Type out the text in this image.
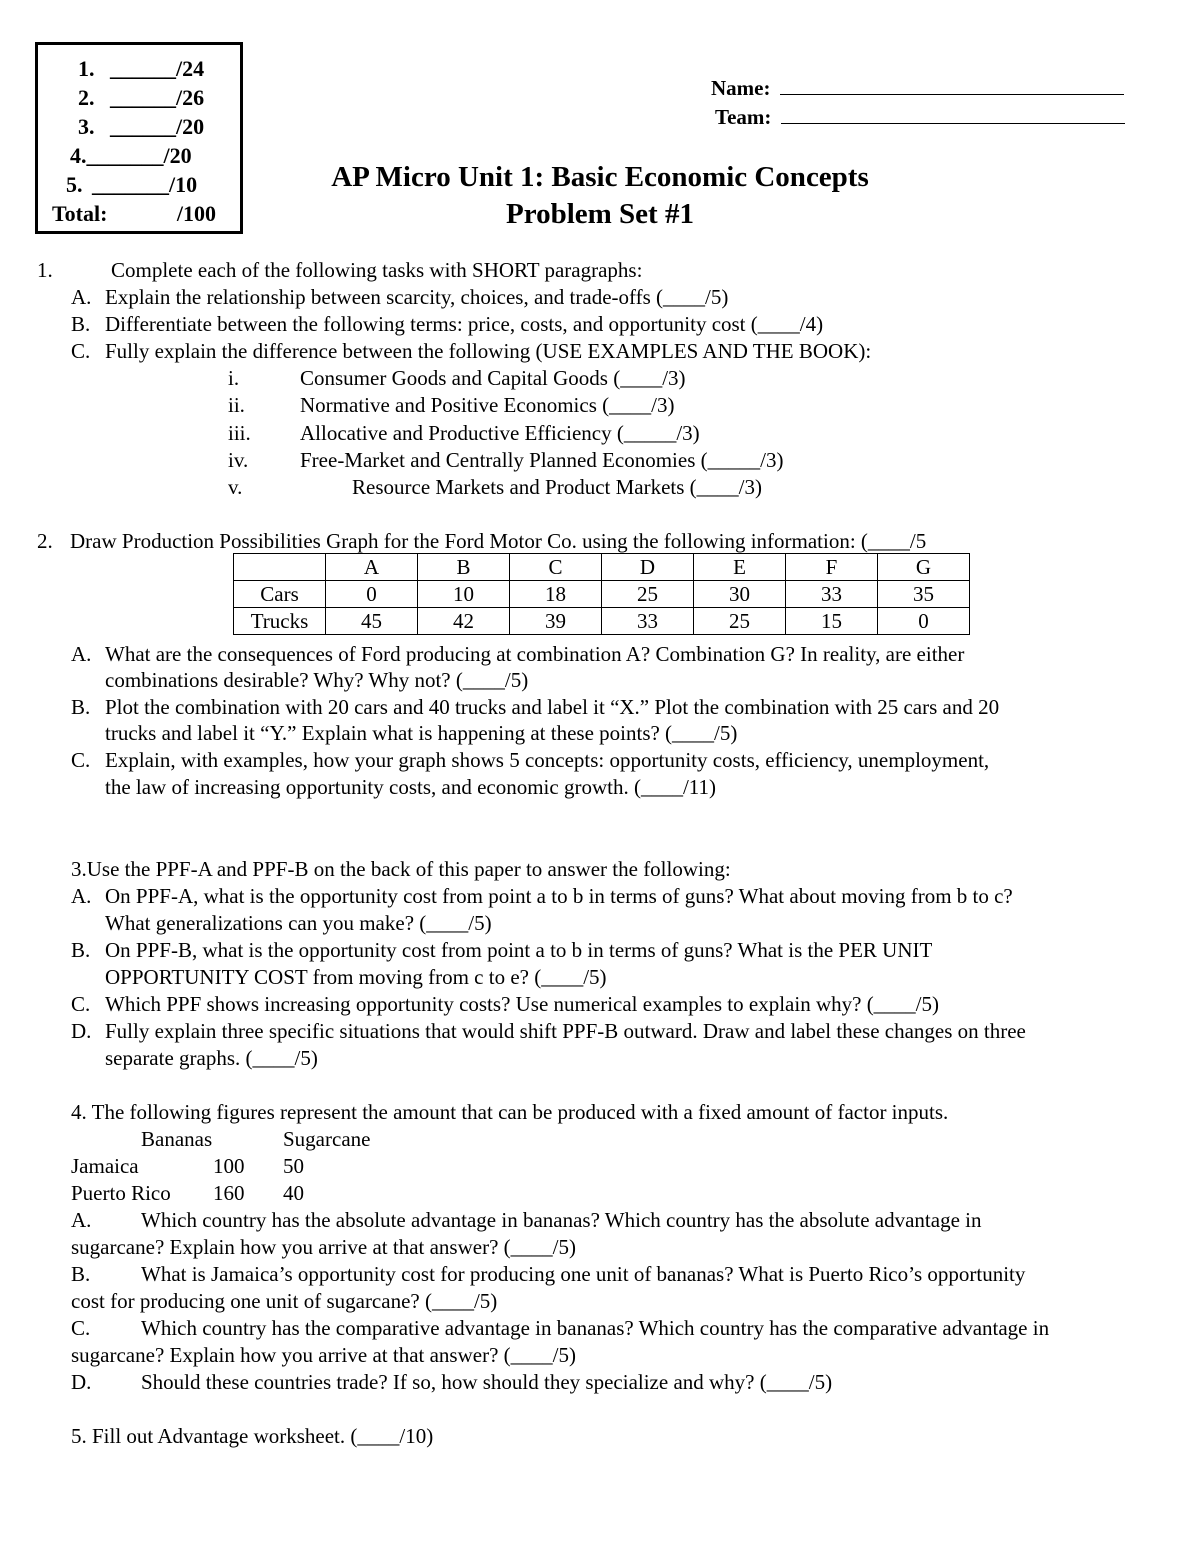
1. ______/24
2. ______/26
3. ______/20
4._______/20
5. _______/10
Total:	/100
Name:
Team:
AP Micro Unit 1: Basic Economic Concepts
Problem Set #1
1.	Complete each of the following tasks with SHORT paragraphs:
A. Explain the relationship between scarcity, choices, and trade-offs (____/5)
B. Differentiate between the following terms: price, costs, and opportunity cost (____/4)
C. Fully explain the difference between the following (USE EXAMPLES AND THE BOOK):
i.	Consumer Goods and Capital Goods (____/3)
ii.	Normative and Positive Economics (____/3)
iii. Allocative and Productive Efficiency (_____/3)
iv. Free-Market and Centrally Planned Economies (_____/3)
v.	Resource Markets and Product Markets (____/3)
2. Draw Production Possibilities Graph for the Ford Motor Co. using the following information: (____/5
	A	B	C	D	E	F	G
Cars	0	10	18	25	30	33	35
Trucks	45	42	39	33	25	15	0
A. What are the consequences of Ford producing at combination A? Combination G? In reality, are either
combinations desirable? Why? Why not? (____/5)
B. Plot the combination with 20 cars and 40 trucks and label it “X.” Plot the combination with 25 cars and 20
trucks and label it “Y.” Explain what is happening at these points? (____/5)
C. Explain, with examples, how your graph shows 5 concepts: opportunity costs, efficiency, unemployment,
the law of increasing opportunity costs, and economic growth. (____/11)
3.Use the PPF-A and PPF-B on the back of this paper to answer the following:
A. On PPF-A, what is the opportunity cost from point a to b in terms of guns? What about moving from b to c?
What generalizations can you make? (____/5)
B. On PPF-B, what is the opportunity cost from point a to b in terms of guns? What is the PER UNIT
OPPORTUNITY COST from moving from c to e? (____/5)
C. Which PPF shows increasing opportunity costs? Use numerical examples to explain why? (____/5)
D. Fully explain three specific situations that would shift PPF-B outward. Draw and label these changes on three
separate graphs. (____/5)
4. The following figures represent the amount that can be produced with a fixed amount of factor inputs.
Bananas	Sugarcane
Jamaica	100 50
Puerto Rico 160 40
A. Which country has the absolute advantage in bananas? Which country has the absolute advantage in
sugarcane? Explain how you arrive at that answer? (____/5)
B. What is Jamaica’s opportunity cost for producing one unit of bananas? What is Puerto Rico’s opportunity
cost for producing one unit of sugarcane? (____/5)
C. Which country has the comparative advantage in bananas? Which country has the comparative advantage in
sugarcane? Explain how you arrive at that answer? (____/5)
D. Should these countries trade? If so, how should they specialize and why? (____/5)
5. Fill out Advantage worksheet. (____/10)
